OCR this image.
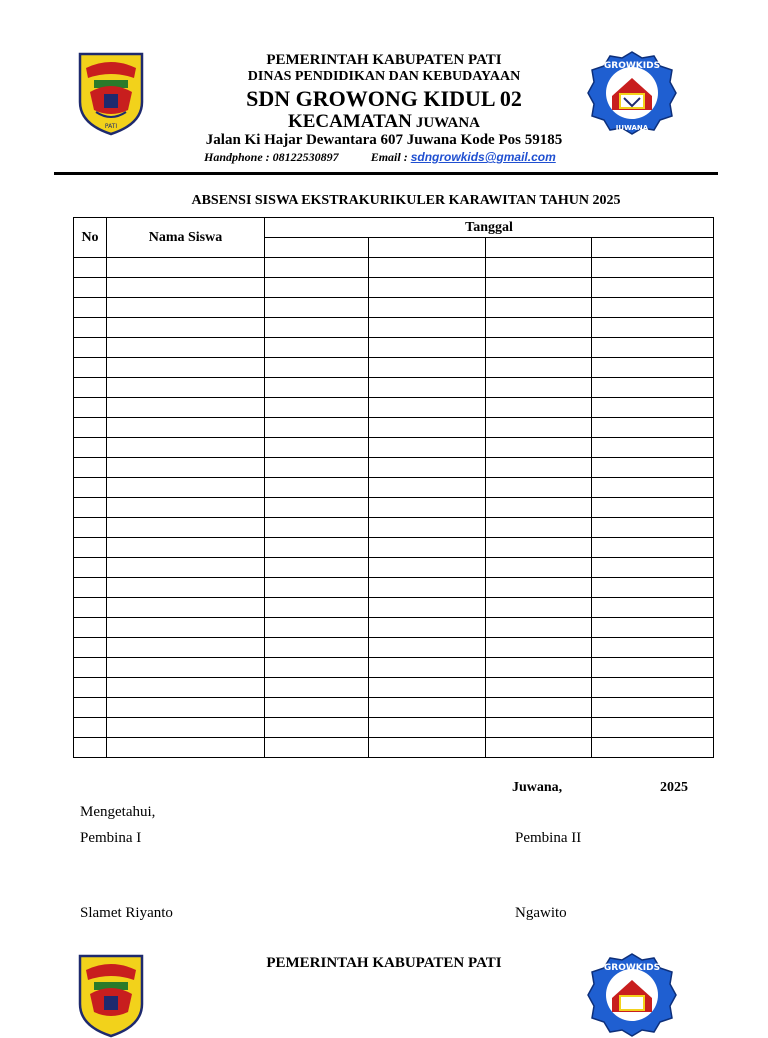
PATI
GROWKIDS
JUWANA
PEMERINTAH KABUPATEN PATI
DINAS PENDIDIKAN DAN KEBUDAYAAN
SDN GROWONG KIDUL 02
KECAMATAN JUWANA
Jalan Ki Hajar Dewantara 607 Juwana Kode Pos 59185
Handphone : 08122530897	Email : sdngrowkids@gmail.com
ABSENSI SISWA EKSTRAKURIKULER KARAWITAN TAHUN 2025
No	Nama Siswa	Tanggal			

Juwana,	2025
Mengetahui,
Pembina I	Pembina II
Slamet Riyanto	Ngawito
GROWKIDS
PEMERINTAH KABUPATEN PATI
